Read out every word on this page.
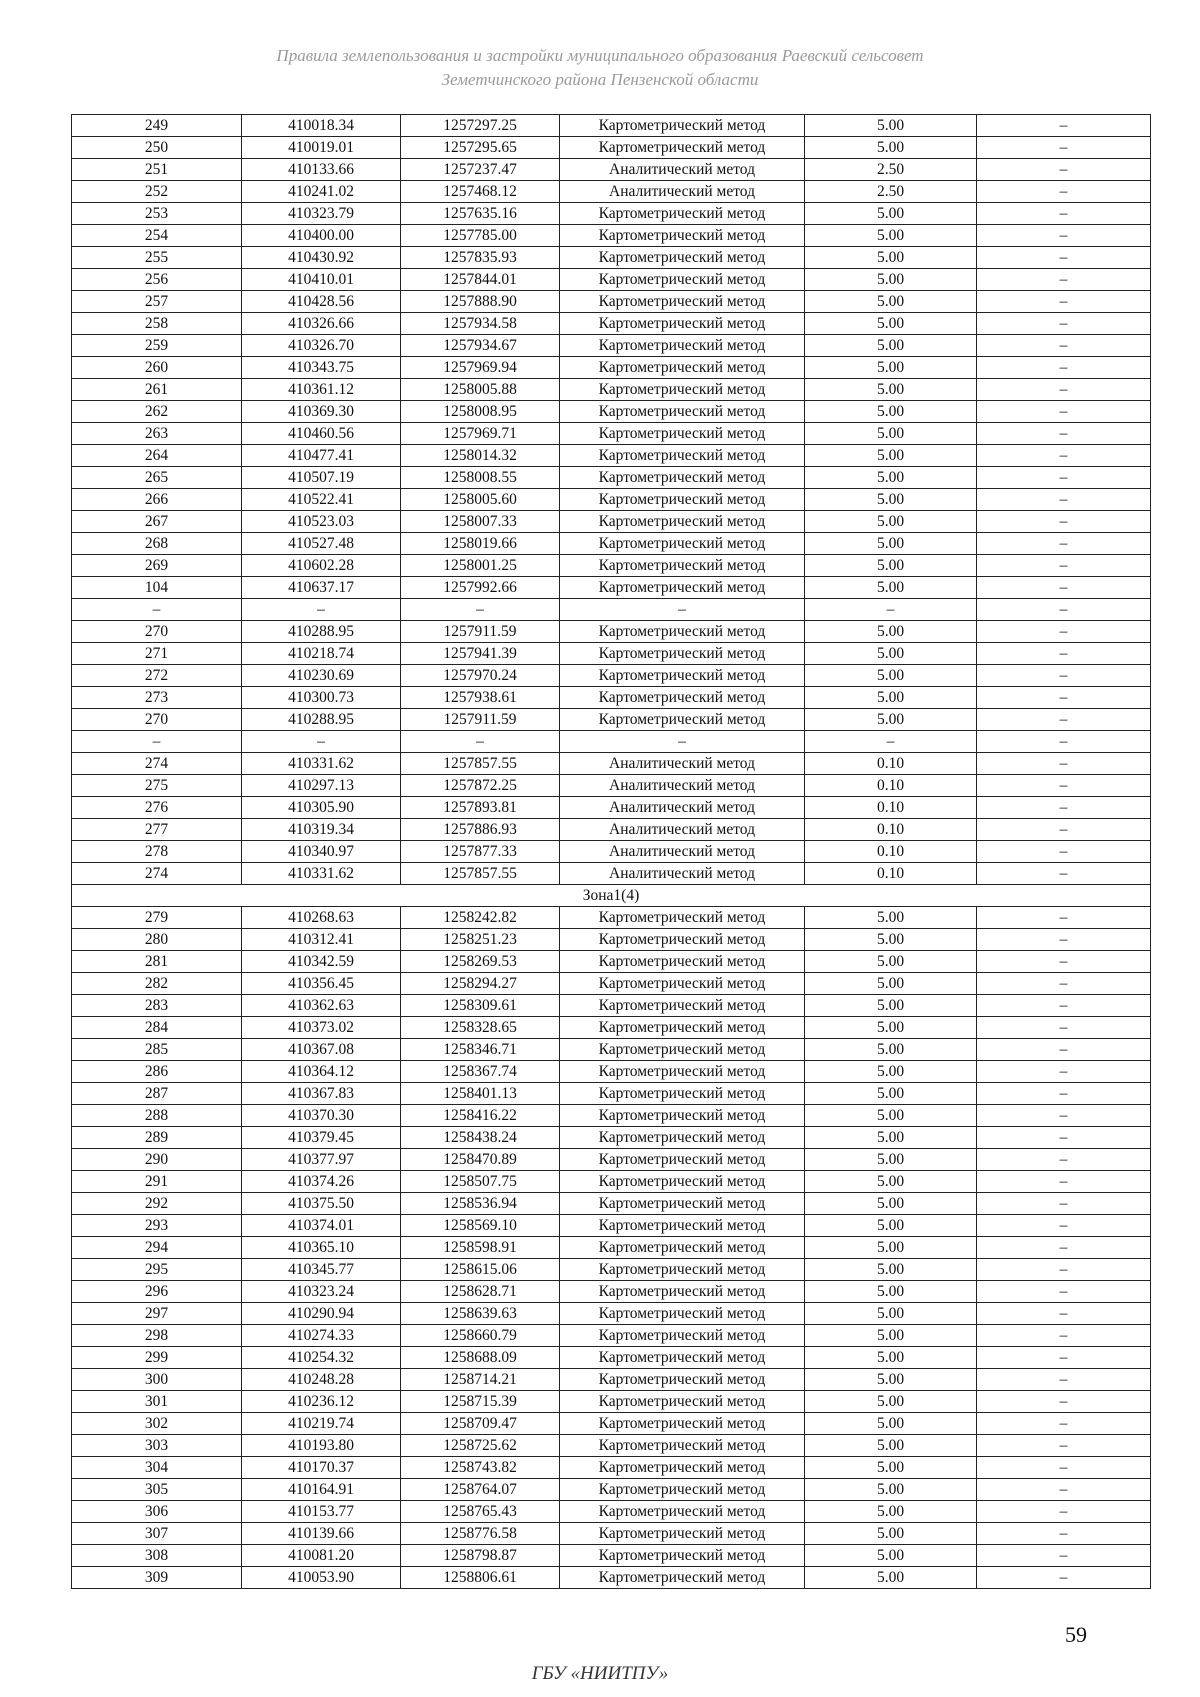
Правила землепользования и застройки муниципального образования Раевский сельсовет
Земетчинского района Пензенской области
249	410018.34	1257297.25	Картометрический метод	5.00	–
250	410019.01	1257295.65	Картометрический метод	5.00	–
251	410133.66	1257237.47	Аналитический метод	2.50	–
252	410241.02	1257468.12	Аналитический метод	2.50	–
253	410323.79	1257635.16	Картометрический метод	5.00	–
254	410400.00	1257785.00	Картометрический метод	5.00	–
255	410430.92	1257835.93	Картометрический метод	5.00	–
256	410410.01	1257844.01	Картометрический метод	5.00	–
257	410428.56	1257888.90	Картометрический метод	5.00	–
258	410326.66	1257934.58	Картометрический метод	5.00	–
259	410326.70	1257934.67	Картометрический метод	5.00	–
260	410343.75	1257969.94	Картометрический метод	5.00	–
261	410361.12	1258005.88	Картометрический метод	5.00	–
262	410369.30	1258008.95	Картометрический метод	5.00	–
263	410460.56	1257969.71	Картометрический метод	5.00	–
264	410477.41	1258014.32	Картометрический метод	5.00	–
265	410507.19	1258008.55	Картометрический метод	5.00	–
266	410522.41	1258005.60	Картометрический метод	5.00	–
267	410523.03	1258007.33	Картометрический метод	5.00	–
268	410527.48	1258019.66	Картометрический метод	5.00	–
269	410602.28	1258001.25	Картометрический метод	5.00	–
104	410637.17	1257992.66	Картометрический метод	5.00	–
–	–	–	–	–	–
270	410288.95	1257911.59	Картометрический метод	5.00	–
271	410218.74	1257941.39	Картометрический метод	5.00	–
272	410230.69	1257970.24	Картометрический метод	5.00	–
273	410300.73	1257938.61	Картометрический метод	5.00	–
270	410288.95	1257911.59	Картометрический метод	5.00	–
–	–	–	–	–	–
274	410331.62	1257857.55	Аналитический метод	0.10	–
275	410297.13	1257872.25	Аналитический метод	0.10	–
276	410305.90	1257893.81	Аналитический метод	0.10	–
277	410319.34	1257886.93	Аналитический метод	0.10	–
278	410340.97	1257877.33	Аналитический метод	0.10	–
274	410331.62	1257857.55	Аналитический метод	0.10	–
Зона1(4)					
279	410268.63	1258242.82	Картометрический метод	5.00	–
280	410312.41	1258251.23	Картометрический метод	5.00	–
281	410342.59	1258269.53	Картометрический метод	5.00	–
282	410356.45	1258294.27	Картометрический метод	5.00	–
283	410362.63	1258309.61	Картометрический метод	5.00	–
284	410373.02	1258328.65	Картометрический метод	5.00	–
285	410367.08	1258346.71	Картометрический метод	5.00	–
286	410364.12	1258367.74	Картометрический метод	5.00	–
287	410367.83	1258401.13	Картометрический метод	5.00	–
288	410370.30	1258416.22	Картометрический метод	5.00	–
289	410379.45	1258438.24	Картометрический метод	5.00	–
290	410377.97	1258470.89	Картометрический метод	5.00	–
291	410374.26	1258507.75	Картометрический метод	5.00	–
292	410375.50	1258536.94	Картометрический метод	5.00	–
293	410374.01	1258569.10	Картометрический метод	5.00	–
294	410365.10	1258598.91	Картометрический метод	5.00	–
295	410345.77	1258615.06	Картометрический метод	5.00	–
296	410323.24	1258628.71	Картометрический метод	5.00	–
297	410290.94	1258639.63	Картометрический метод	5.00	–
298	410274.33	1258660.79	Картометрический метод	5.00	–
299	410254.32	1258688.09	Картометрический метод	5.00	–
300	410248.28	1258714.21	Картометрический метод	5.00	–
301	410236.12	1258715.39	Картометрический метод	5.00	–
302	410219.74	1258709.47	Картометрический метод	5.00	–
303	410193.80	1258725.62	Картометрический метод	5.00	–
304	410170.37	1258743.82	Картометрический метод	5.00	–
305	410164.91	1258764.07	Картометрический метод	5.00	–
306	410153.77	1258765.43	Картометрический метод	5.00	–
307	410139.66	1258776.58	Картометрический метод	5.00	–
308	410081.20	1258798.87	Картометрический метод	5.00	–
309	410053.90	1258806.61	Картометрический метод	5.00	–
59
ГБУ «НИИТПУ»
